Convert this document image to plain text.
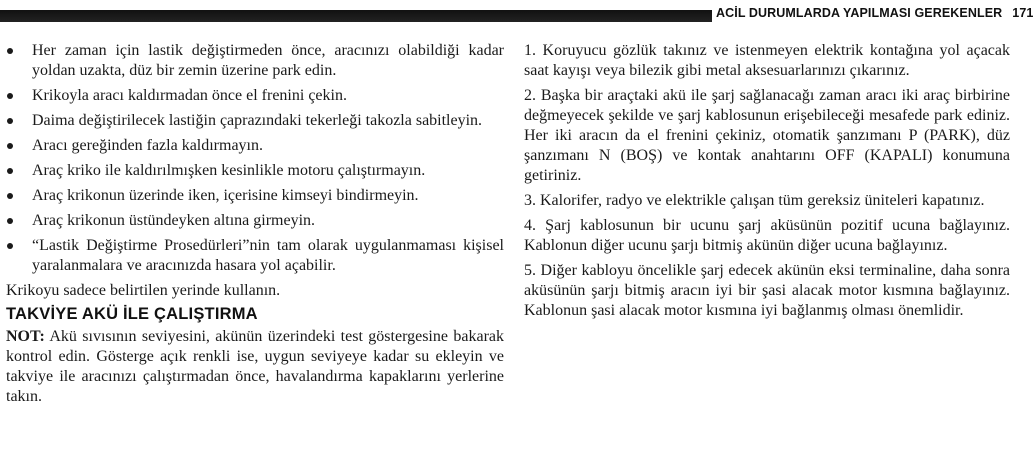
ACİL DURUMLARDA YAPILMASI GEREKENLER 171
Her zaman için lastik değiştirmeden önce, aracınızı olabildiği kadar yoldan uzakta, düz bir zemin üzerine park edin.
Krikoyla aracı kaldırmadan önce el frenini çekin.
Daima değiştirilecek lastiğin çaprazındaki tekerleği takozla sabitleyin.
Aracı gereğinden fazla kaldırmayın.
Araç kriko ile kaldırılmışken kesinlikle motoru çalıştırmayın.
Araç krikonun üzerinde iken, içerisine kimseyi bindirmeyin.
Araç krikonun üstündeyken altına girmeyin.
“Lastik Değiştirme Prosedürleri”nin tam olarak uygulanmaması kişisel yaralanmalara ve aracınızda hasara yol açabilir.

Krikoyu sadece belirtilen yerinde kullanın.

TAKVİYE AKÜ İLE ÇALIŞTIRMA

NOT: Akü sıvısının seviyesini, akünün üzerindeki test göstergesine bakarak kontrol edin. Gösterge açık renkli ise, uygun seviyeye kadar su ekleyin ve takviye ile aracınızı çalıştırmadan önce, havalandırma kapaklarını yerlerine takın.

1. Koruyucu gözlük takınız ve istenmeyen elektrik kontağına yol açacak saat kayışı veya bilezik gibi metal aksesuarlarınızı çıkarınız.
2. Başka bir araçtaki akü ile şarj sağlanacağı zaman aracı iki araç birbirine değmeyecek şekilde ve şarj kablosunun erişebileceği mesafede park ediniz. Her iki aracın da el frenini çekiniz, otomatik şanzımanı P (PARK), düz şanzımanı N (BOŞ) ve kontak anahtarını OFF (KAPALI) konumuna getiriniz.
3. Kalorifer, radyo ve elektrikle çalışan tüm gereksiz üniteleri kapatınız.
4. Şarj kablosunun bir ucunu şarj aküsünün pozitif ucuna bağlayınız. Kablonun diğer ucunu şarjı bitmiş akünün diğer ucuna bağlayınız.
5. Diğer kabloyu öncelikle şarj edecek akünün eksi terminaline, daha sonra aküsünün şarjı bitmiş aracın iyi bir şasi alacak motor kısmına bağlayınız. Kablonun şasi alacak motor kısmına iyi bağlanmış olması önemlidir.
